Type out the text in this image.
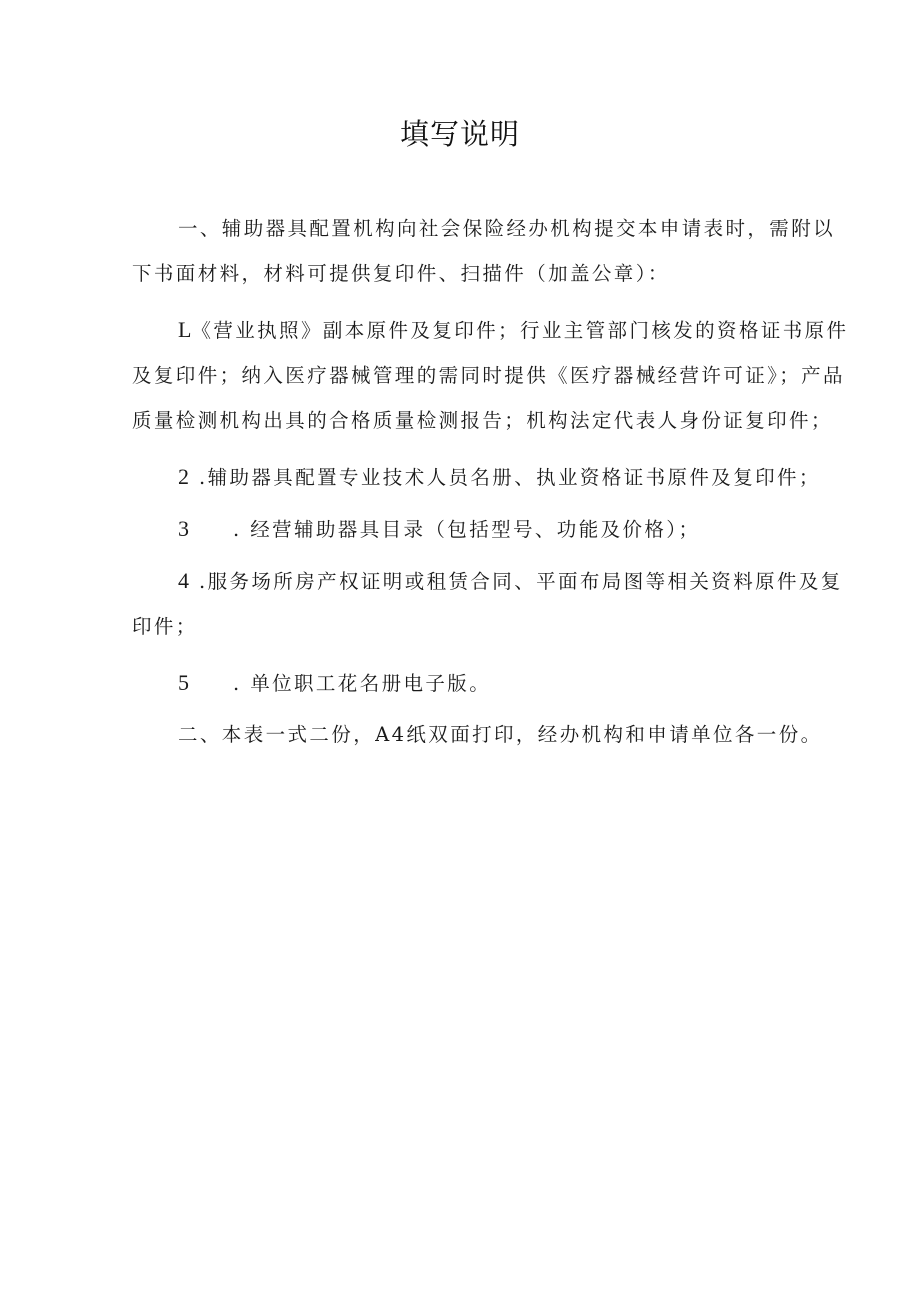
填写说明

一、辅助器具配置机构向社会保险经办机构提交本申请表时，需附以下书面材料，材料可提供复印件、扫描件（加盖公章）：

L《营业执照》副本原件及复印件；行业主管部门核发的资格证书原件及复印件；纳入医疗器械管理的需同时提供《医疗器械经营许可证》；产品质量检测机构出具的合格质量检测报告；机构法定代表人身份证复印件；

2 .辅助器具配置专业技术人员名册、执业资格证书原件及复印件；

3 . 经营辅助器具目录（包括型号、功能及价格）；

4 .服务场所房产权证明或租赁合同、平面布局图等相关资料原件及复印件；

5 . 单位职工花名册电子版。

二、本表一式二份，A4纸双面打印，经办机构和申请单位各一份。
